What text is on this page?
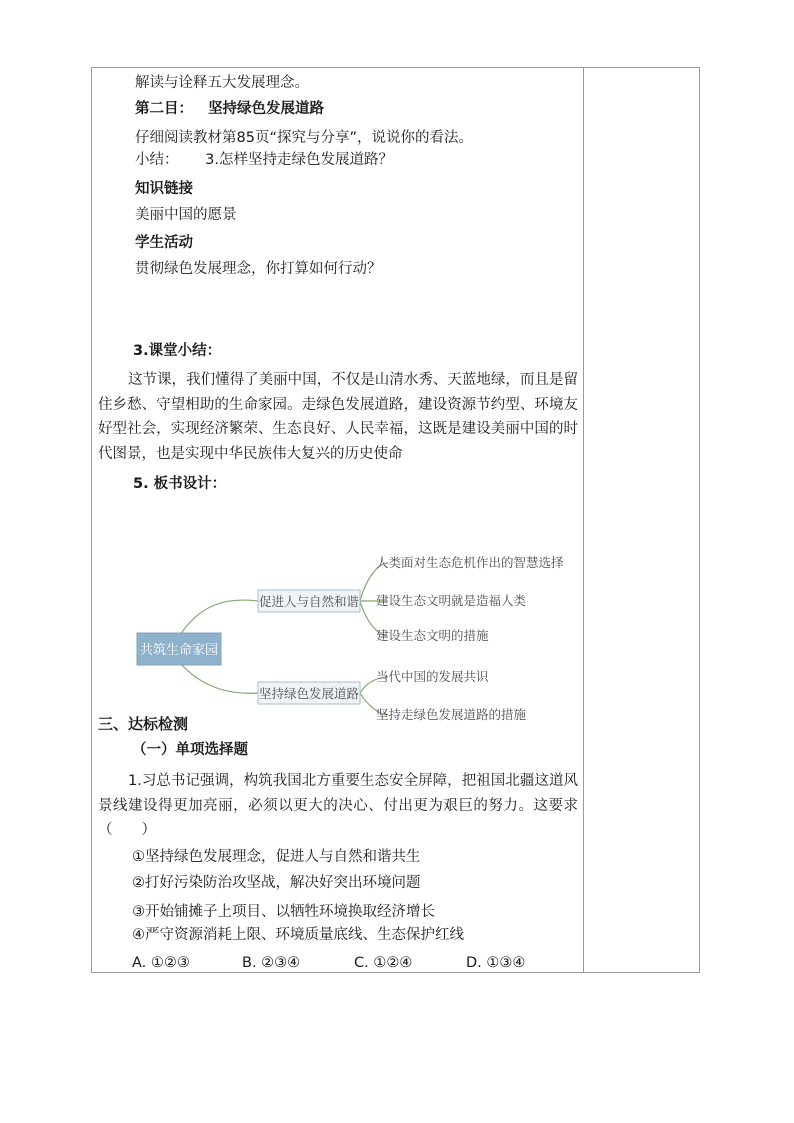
解读与诠释五大发展理念。
第二目： 坚持绿色发展道路
仔细阅读教材第85页“探究与分享”，说说你的看法。
小结： 3.怎样坚持走绿色发展道路？
知识链接
美丽中国的愿景
学生活动
贯彻绿色发展理念，你打算如何行动？
3.课堂小结：
这节课，我们懂得了美丽中国，不仅是山清水秀、天蓝地绿，而且是留住乡愁、守望相助的生命家园。走绿色发展道路，建设资源节约型、环境友好型社会，实现经济繁荣、生态良好、人民幸福，这既是建设美丽中国的时代图景，也是实现中华民族伟大复兴的历史使命
5. 板书设计：
共筑生命家园
促进人与自然和谐
坚持绿色发展道路
人类面对生态危机作出的智慧选择
建设生态文明就是造福人类
建设生态文明的措施
当代中国的发展共识
坚持走绿色发展道路的措施
三、达标检测
（一）单项选择题
1.习总书记强调，构筑我国北方重要生态安全屏障，把祖国北疆这道风景线建设得更加亮丽，必须以更大的决心、付出更为艰巨的努力。这要求（　　）
①坚持绿色发展理念，促进人与自然和谐共生
②打好污染防治攻坚战，解决好突出环境问题
③开始铺摊子上项目、以牺牲环境换取经济增长
④严守资源消耗上限、环境质量底线、生态保护红线
A. ①②③	B. ②③④	C. ①②④	D. ①③④
